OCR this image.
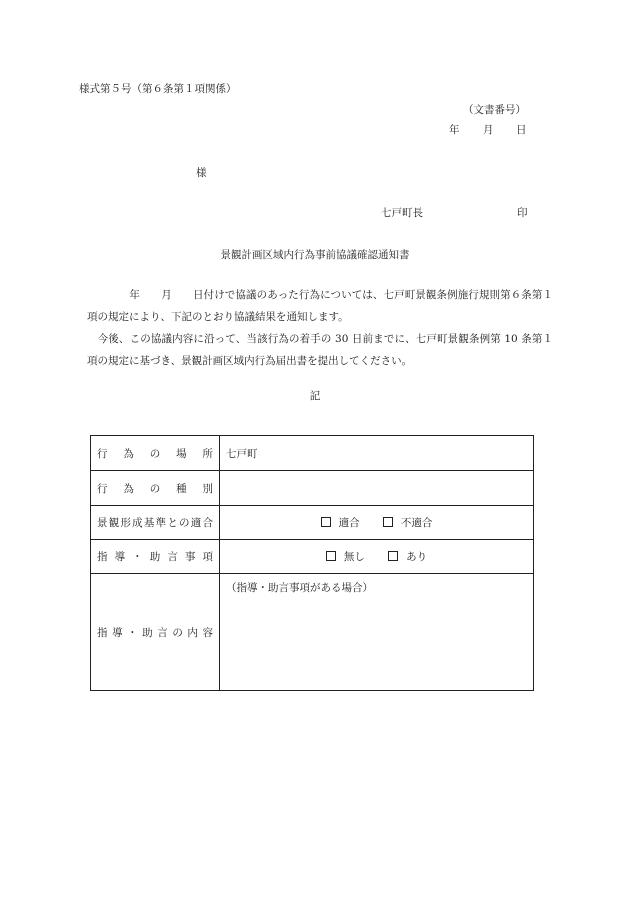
様式第５号（第６条第１項関係）
（文書番号）
年 月 日
様
七戸町長	印
景観計画区域内行為事前協議確認通知書

　　　　年　　月　　日付けで協議のあった行為については、七戸町景観条例施行規則第６条第１項の規定により、下記のとおり協議結果を通知します。

　今後、この協議内容に沿って、当該行為の着手の 30 日前までに、七戸町景観条例第 10 条第１項の規定に基づき、景観計画区域内行為届出書を提出してください。

記
行為の場所	七戸町
行為の種別	
景観形成基準との適合	適合 不適合
指導・助言事項	無し あり
指導・助言の内容	（指導・助言事項がある場合）
